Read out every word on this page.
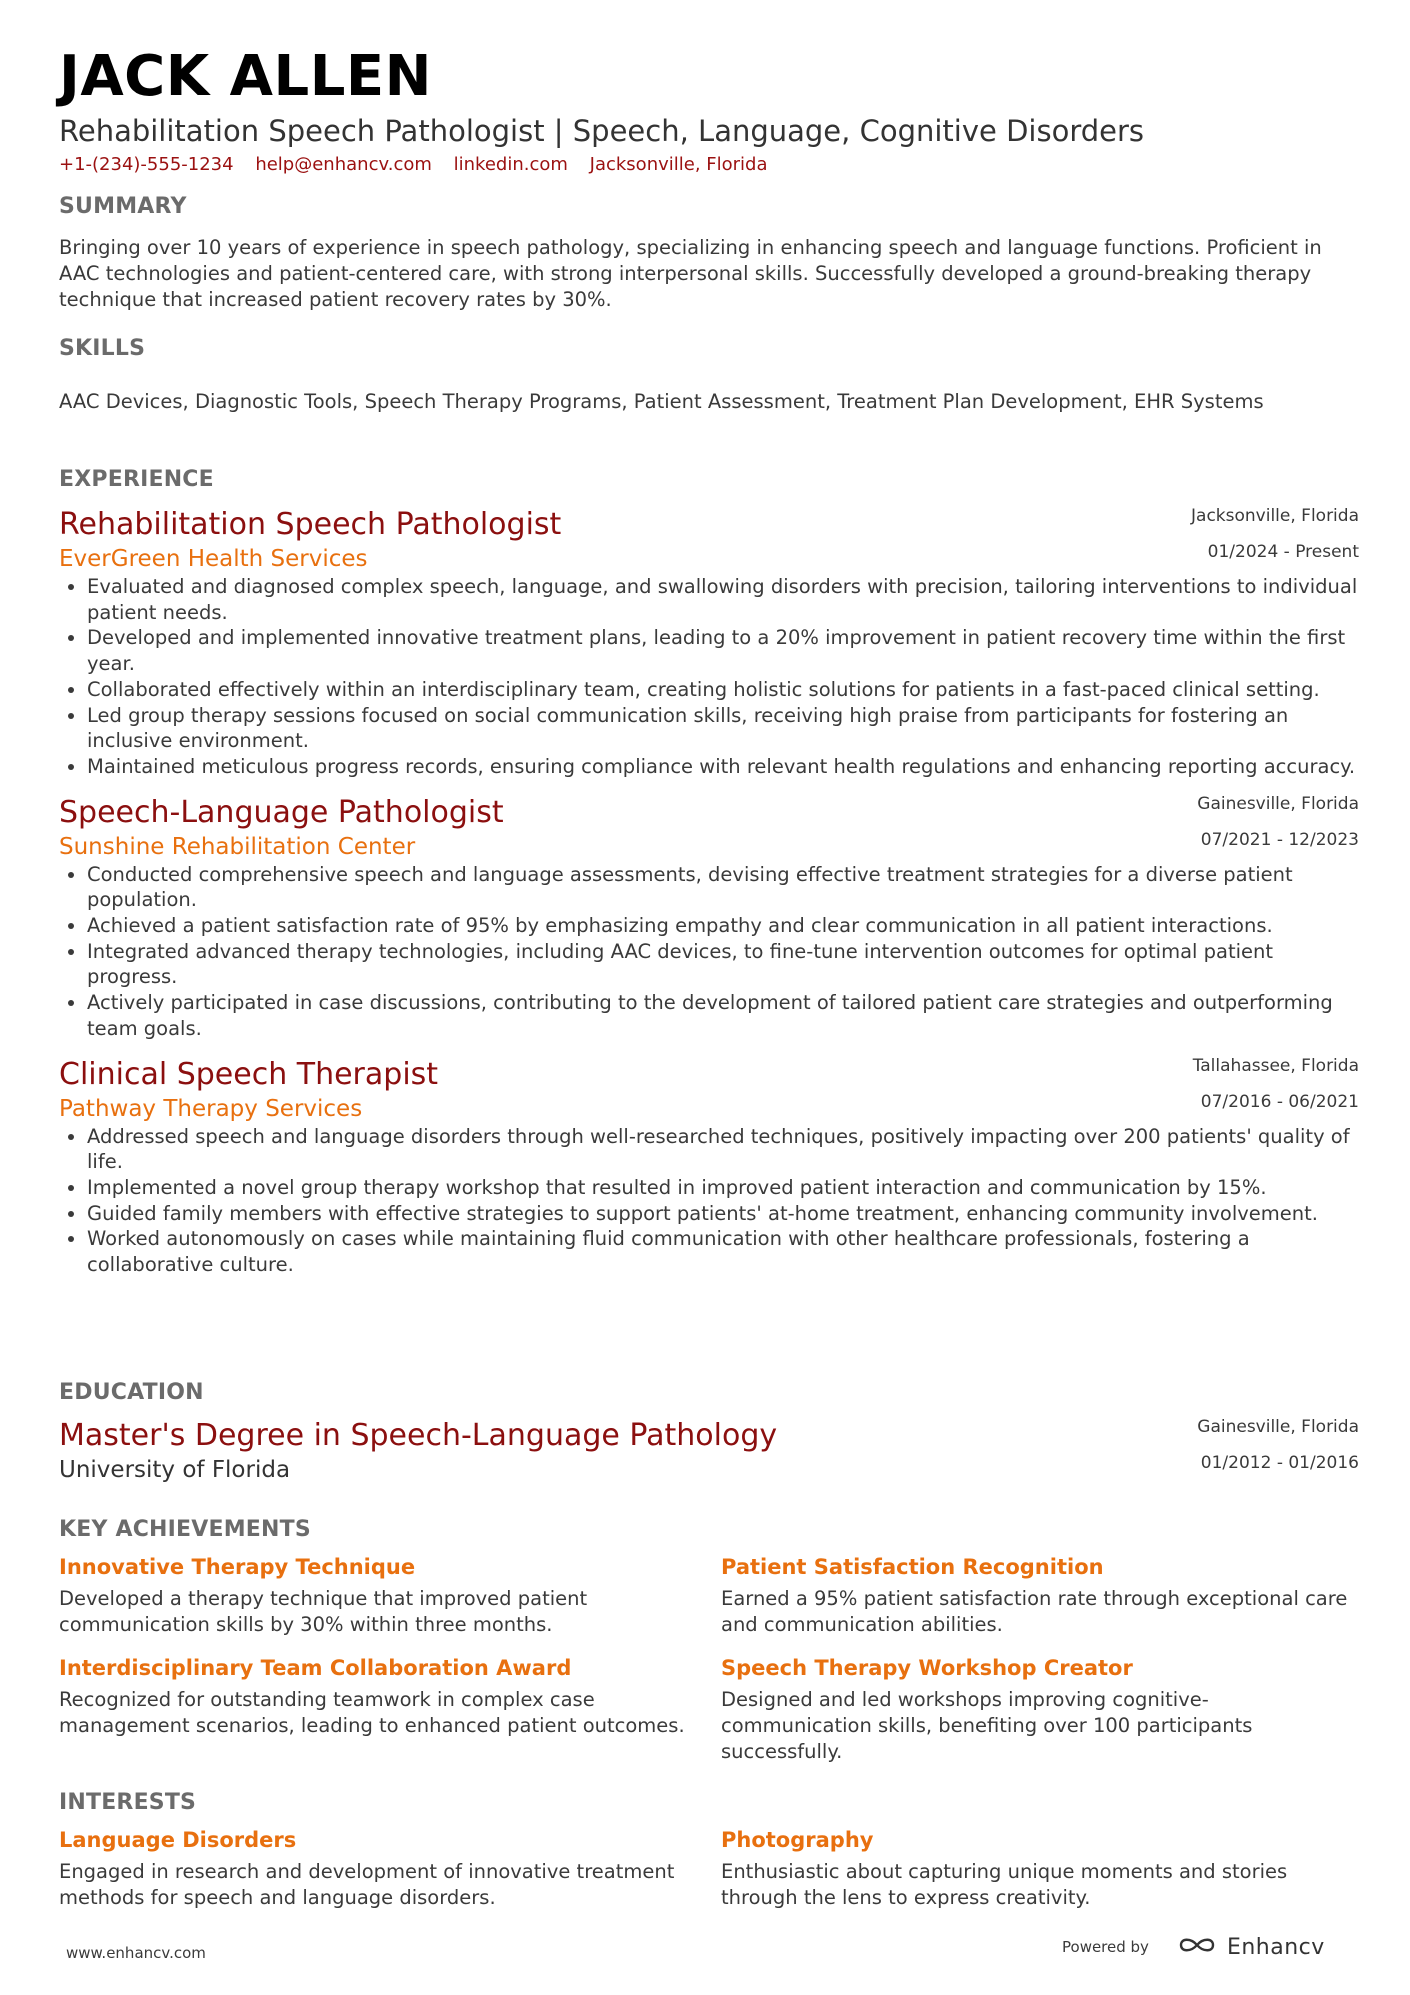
JACK ALLEN
Rehabilitation Speech Pathologist | Speech, Language, Cognitive Disorders
+1-(234)-555-1234 help@enhancv.com linkedin.com Jacksonville, Florida
SUMMARY
Bringing over 10 years of experience in speech pathology, specializing in enhancing speech and language functions. Proficient in AAC technologies and patient-centered care, with strong interpersonal skills. Successfully developed a ground-breaking therapy technique that increased patient recovery rates by 30%.
SKILLS
AAC Devices, Diagnostic Tools, Speech Therapy Programs, Patient Assessment, Treatment Plan Development, EHR Systems
EXPERIENCE
Rehabilitation Speech Pathologist
EverGreen Health Services
Jacksonville, Florida
01/2024 - Present
• Evaluated and diagnosed complex speech, language, and swallowing disorders with precision, tailoring interventions to individual patient needs.
• Developed and implemented innovative treatment plans, leading to a 20% improvement in patient recovery time within the first year.
• Collaborated effectively within an interdisciplinary team, creating holistic solutions for patients in a fast-paced clinical setting.
• Led group therapy sessions focused on social communication skills, receiving high praise from participants for fostering an inclusive environment.
• Maintained meticulous progress records, ensuring compliance with relevant health regulations and enhancing reporting accuracy.
Speech-Language Pathologist
Sunshine Rehabilitation Center
Gainesville, Florida
07/2021 - 12/2023
• Conducted comprehensive speech and language assessments, devising effective treatment strategies for a diverse patient population.
• Achieved a patient satisfaction rate of 95% by emphasizing empathy and clear communication in all patient interactions.
• Integrated advanced therapy technologies, including AAC devices, to fine-tune intervention outcomes for optimal patient progress.
• Actively participated in case discussions, contributing to the development of tailored patient care strategies and outperforming team goals.
Clinical Speech Therapist
Pathway Therapy Services
Tallahassee, Florida
07/2016 - 06/2021
• Addressed speech and language disorders through well-researched techniques, positively impacting over 200 patients' quality of life.
• Implemented a novel group therapy workshop that resulted in improved patient interaction and communication by 15%.
• Guided family members with effective strategies to support patients' at-home treatment, enhancing community involvement.
• Worked autonomously on cases while maintaining fluid communication with other healthcare professionals, fostering a collaborative culture.
EDUCATION
Master's Degree in Speech-Language Pathology
University of Florida
Gainesville, Florida
01/2012 - 01/2016
KEY ACHIEVEMENTS
Innovative Therapy Technique
Developed a therapy technique that improved patient communication skills by 30% within three months.
Patient Satisfaction Recognition
Earned a 95% patient satisfaction rate through exceptional care and communication abilities.
Interdisciplinary Team Collaboration Award
Recognized for outstanding teamwork in complex case management scenarios, leading to enhanced patient outcomes.
Speech Therapy Workshop Creator
Designed and led workshops improving cognitive-communication skills, benefiting over 100 participants successfully.
INTERESTS
Language Disorders
Engaged in research and development of innovative treatment methods for speech and language disorders.
Photography
Enthusiastic about capturing unique moments and stories through the lens to express creativity.
www.enhancv.com	Powered by	Enhancv
